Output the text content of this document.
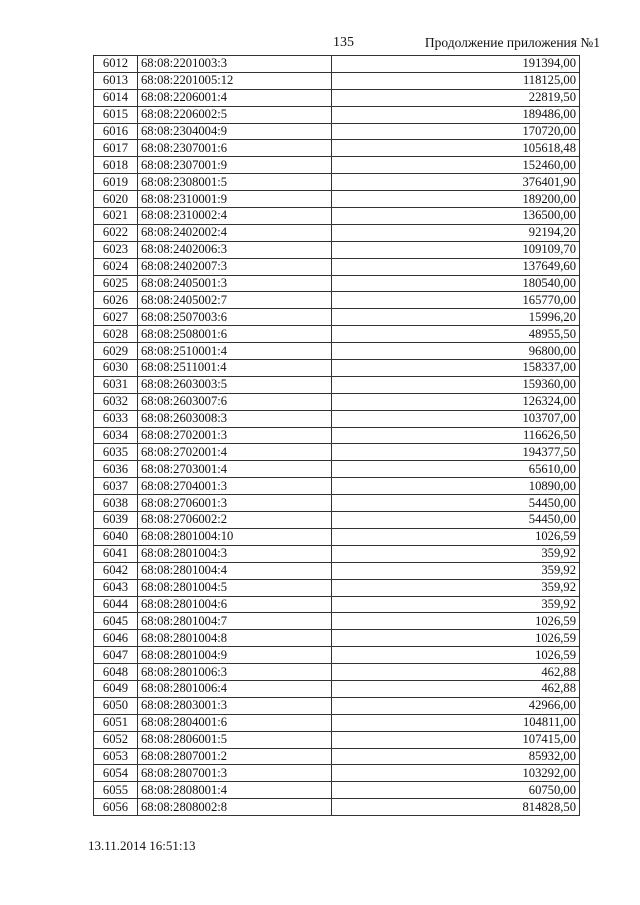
135	Продолжение приложения №1
6012	68:08:2201003:3	191394,00
6013	68:08:2201005:12	118125,00
6014	68:08:2206001:4	22819,50
6015	68:08:2206002:5	189486,00
6016	68:08:2304004:9	170720,00
6017	68:08:2307001:6	105618,48
6018	68:08:2307001:9	152460,00
6019	68:08:2308001:5	376401,90
6020	68:08:2310001:9	189200,00
6021	68:08:2310002:4	136500,00
6022	68:08:2402002:4	92194,20
6023	68:08:2402006:3	109109,70
6024	68:08:2402007:3	137649,60
6025	68:08:2405001:3	180540,00
6026	68:08:2405002:7	165770,00
6027	68:08:2507003:6	15996,20
6028	68:08:2508001:6	48955,50
6029	68:08:2510001:4	96800,00
6030	68:08:2511001:4	158337,00
6031	68:08:2603003:5	159360,00
6032	68:08:2603007:6	126324,00
6033	68:08:2603008:3	103707,00
6034	68:08:2702001:3	116626,50
6035	68:08:2702001:4	194377,50
6036	68:08:2703001:4	65610,00
6037	68:08:2704001:3	10890,00
6038	68:08:2706001:3	54450,00
6039	68:08:2706002:2	54450,00
6040	68:08:2801004:10	1026,59
6041	68:08:2801004:3	359,92
6042	68:08:2801004:4	359,92
6043	68:08:2801004:5	359,92
6044	68:08:2801004:6	359,92
6045	68:08:2801004:7	1026,59
6046	68:08:2801004:8	1026,59
6047	68:08:2801004:9	1026,59
6048	68:08:2801006:3	462,88
6049	68:08:2801006:4	462,88
6050	68:08:2803001:3	42966,00
6051	68:08:2804001:6	104811,00
6052	68:08:2806001:5	107415,00
6053	68:08:2807001:2	85932,00
6054	68:08:2807001:3	103292,00
6055	68:08:2808001:4	60750,00
6056	68:08:2808002:8	814828,50
13.11.2014 16:51:13
